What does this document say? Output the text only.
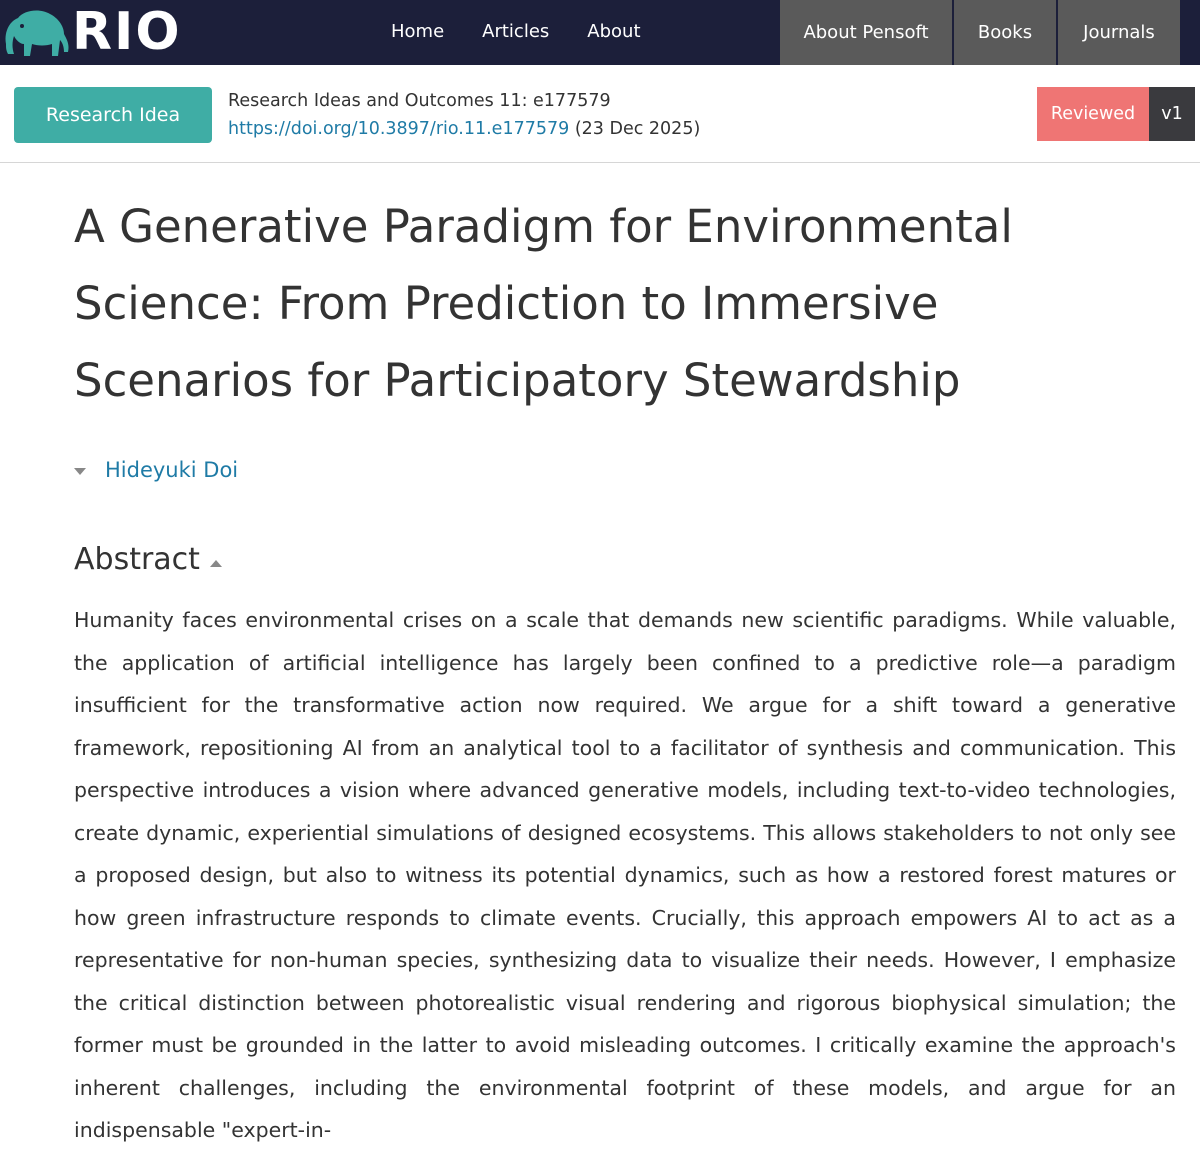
RIO	Home Articles About	About Pensoft	Books	Journals
Research Idea
Research Ideas and Outcomes 11: e177579
https://doi.org/10.3897/rio.11.e177579 (23 Dec 2025)
Reviewed	v1
A Generative Paradigm for Environmental Science: From Prediction to Immersive Scenarios for Participatory Stewardship
Hideyuki Doi
Abstract

Humanity faces environmental crises on a scale that demands new scientific paradigms. While valuable, the application of artificial intelligence has largely been confined to a predictive role—a paradigm insufficient for the transformative action now required. We argue for a shift toward a generative framework, repositioning AI from an analytical tool to a facilitator of synthesis and communication. This perspective introduces a vision where advanced generative models, including text-to-video technologies, create dynamic, experiential simulations of designed ecosystems. This allows stakeholders to not only see a proposed design, but also to witness its potential dynamics, such as how a restored forest matures or how green infrastructure responds to climate events. Crucially, this approach empowers AI to act as a representative for non-human species, synthesizing data to visualize their needs. However, I emphasize the critical distinction between photorealistic visual rendering and rigorous biophysical simulation; the former must be grounded in the latter to avoid misleading outcomes. I critically examine the approach's inherent challenges, including the environmental footprint of these models, and argue for an indispensable "expert-in-
